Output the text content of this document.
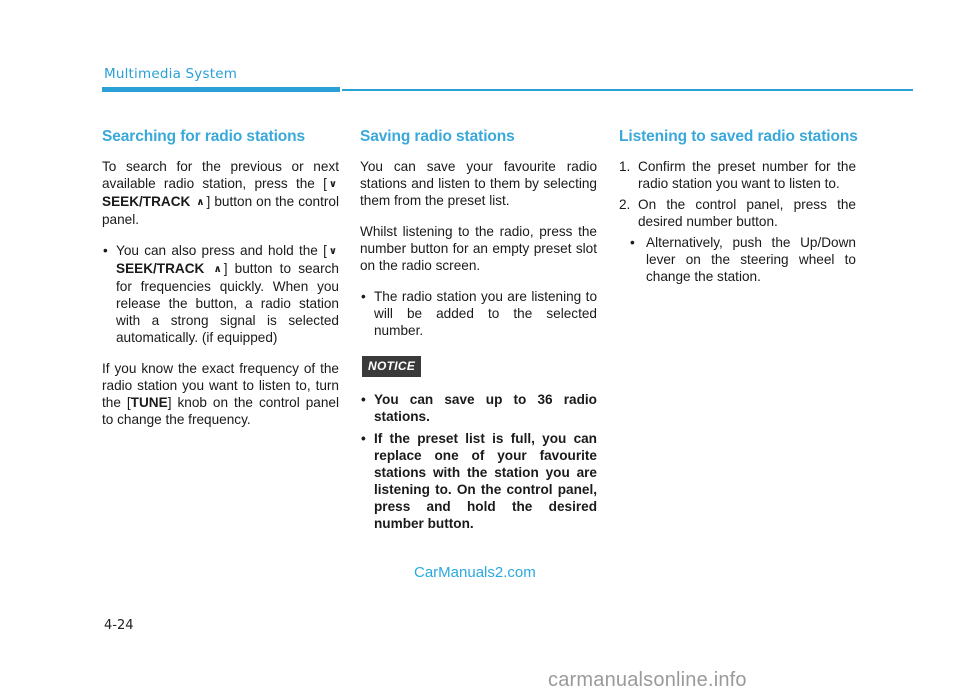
Multimedia System
Searching for radio stations

To search for the previous or next available radio station, press the [ ∨ SEEK/TRACK ∧ ] button on the control panel.

• You can also press and hold the [ ∨ SEEK/TRACK ∧ ] button to search for frequencies quickly. When you release the button, a radio station with a strong signal is selected automatically. (if equipped)

If you know the exact frequency of the radio station you want to listen to, turn the [TUNE] knob on the control panel to change the frequency.

Saving radio stations

You can save your favourite radio stations and listen to them by selecting them from the preset list.

Whilst listening to the radio, press the number button for an empty preset slot on the radio screen.

• The radio station you are listening to will be added to the selected number.
NOTICE
• You can save up to 36 radio stations.
• If the preset list is full, you can replace one of your favourite stations with the station you are listening to. On the control panel, press and hold the desired number button.
Listening to saved radio stations
1. Confirm the preset number for the radio station you want to listen to.
2. On the control panel, press the desired number button.
• Alternatively, push the Up/Down lever on the steering wheel to change the station.
CarManuals2.com
4-24
carmanualsonline.info
